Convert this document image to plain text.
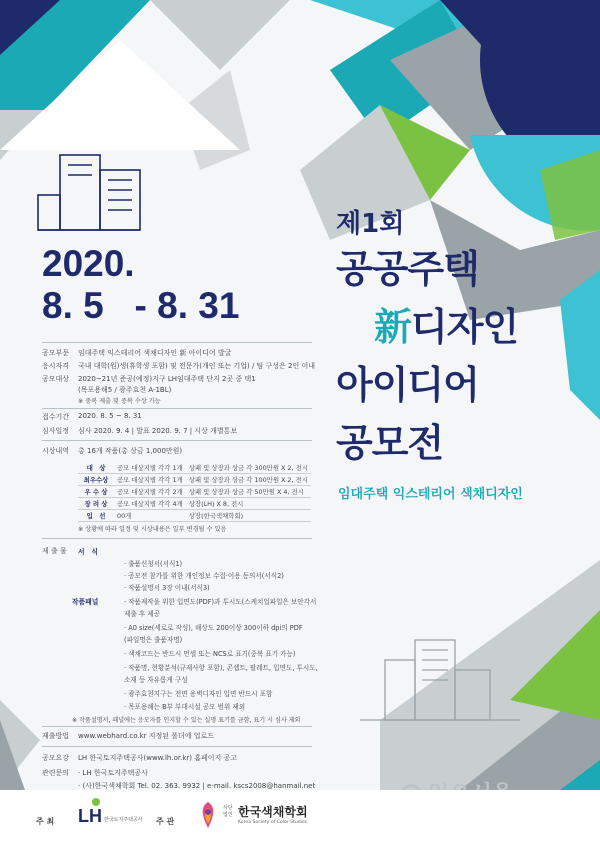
2020.
8. 5   - 8. 31
제1회
공공주택
新디자인
아이디어
공모전
임대주택 익스테리어 색채디자인
공모부문	임대주택 익스테리어 색채디자인 新 아이디어 발굴
응시자격	국내 대학(원)생(휴학생 포함) 및 전문가(개인 또는 기업) / 팀 구성은 2인 이내
공모대상	2020~21년 준공(예정)지구 LH임대주택 단지 2곳 중 택1
(목포용해5 / 광주효천 A-1BL)
※ 중복 제출 및 중복 수상 가능
접수기간	2020. 8. 5 ~ 8. 31
심사일정	심사 2020. 9. 4 | 발표 2020. 9. 7 | 시상 개별통보
시상내역	총 16개 작품(총 상금 1,000만원)
대　상	공모 대상지별 각각 1개	상패 및 상장과 상금 각 300만원 X 2, 전시
최우수상	공모 대상지별 각각 1개	상패 및 상장과 상금 각 100만원 X 2, 전시
우 수 상	공모 대상지별 각각 2개	상패 및 상장과 상금 각 50만원 X 4, 전시
장 려 상	공모 대상지별 각각 4개	상장(LH) X 8, 전시
입　선	00개	상장(한국색채학회)
※ 상황에 따라 일정 및 시상내용은 일부 변경될 수 있음
제 출 물 서　식
· 출품신청서(서식1)
· 공모전 참가를 위한 개인정보 수집·이용 동의서(서식2)
· 작품설명서 3장 이내(서식3)
작품패널	· 작품제작을 위한 입면도(PDF)과 투시도(스케치업파일은 보안각서
제출 후 제공
· A0 size(세로로 작성), 해상도 200이상 300이하 dpi의 PDF
(파일명은 출품자명)
· 색채코드는 반드시 먼셀 또는 NCS로 표기(중복 표기 가능)
· 작품명, 현황분석(규제사항 포함), 콘셉트, 팔레트, 입면도, 투시도,
소재 등 자유롭게 구성
· 광주효천지구는 전면 용벽디자인 입면 반드시 포함
· 목포용해는 B부 부대시설 공모 범위 제외
※ 작품설명서, 패널에는 응모자를 인지할 수 있는 실명 표기를 금함, 표기 시 심사 제외
제출방법	www.webhard.co.kr 지정된 폴더에 업로드
공모요강	LH 한국토지주택공사(www.lh.or.kr) 홈페이지 공고
관련문의	· LH 한국토지주택공사
· (사)한국색채학회 Tel. 02. 363. 9932 | e-mail. kscs2008@hanmail.net
주 최 LH 한국토지주택공사 주 관
사단법인 한국색채학회
Korea Society of Color Studies
